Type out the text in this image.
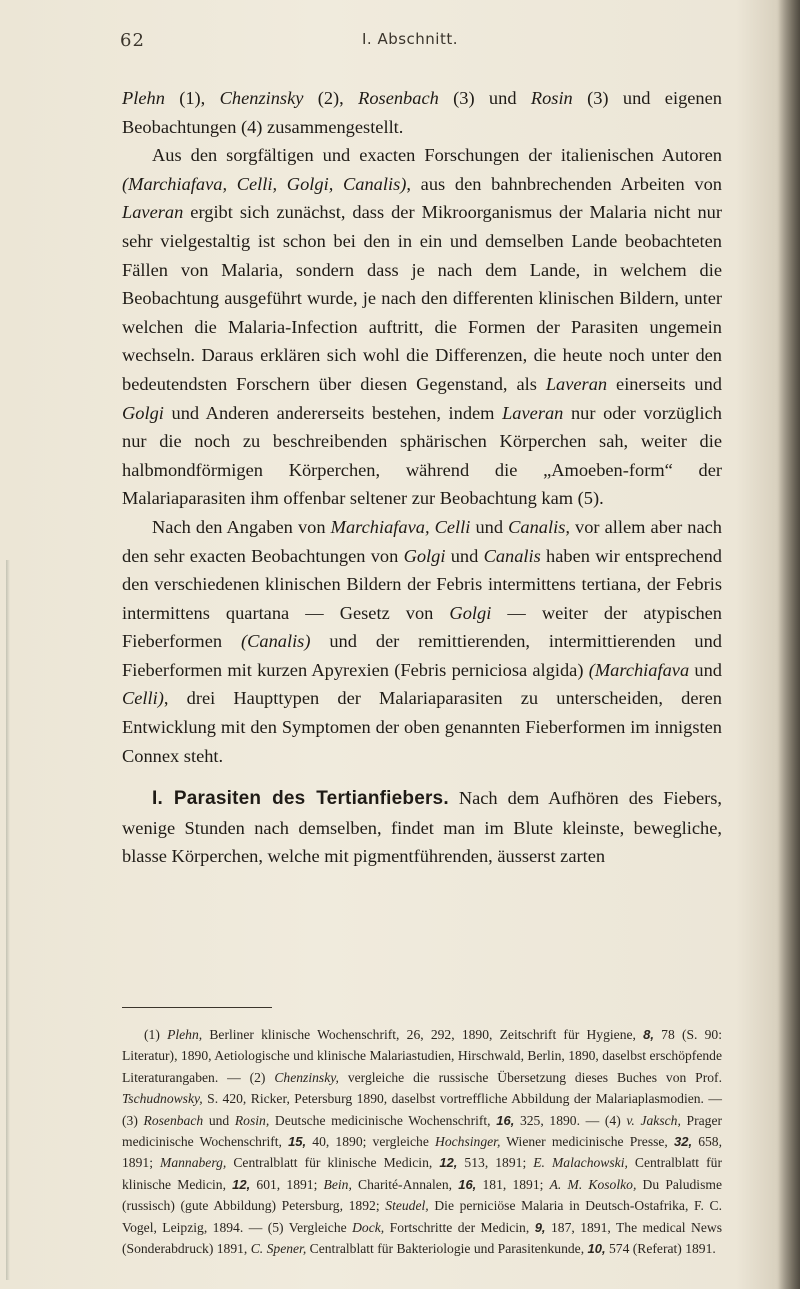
62	I. Abschnitt.

Plehn (1), Chenzinsky (2), Rosenbach (3) und Rosin (3) und eigenen Beobachtungen (4) zusammengestellt.

Aus den sorgfältigen und exacten Forschungen der italienischen Autoren (Marchiafava, Celli, Golgi, Canalis), aus den bahnbrechenden Arbeiten von Laveran ergibt sich zunächst, dass der Mikroorganismus der Malaria nicht nur sehr vielgestaltig ist schon bei den in ein und demselben Lande beobachteten Fällen von Malaria, sondern dass je nach dem Lande, in welchem die Beobachtung ausgeführt wurde, je nach den differenten klinischen Bildern, unter welchen die Malaria-Infection auftritt, die Formen der Parasiten ungemein wechseln. Daraus erklären sich wohl die Differenzen, die heute noch unter den bedeutendsten Forschern über diesen Gegenstand, als Laveran einerseits und Golgi und Anderen andererseits bestehen, indem Laveran nur oder vorzüglich nur die noch zu beschreibenden sphärischen Körperchen sah, weiter die halbmondförmigen Körperchen, während die „Amoeben-form“ der Malariaparasiten ihm offenbar seltener zur Beobachtung kam (5).

Nach den Angaben von Marchiafava, Celli und Canalis, vor allem aber nach den sehr exacten Beobachtungen von Golgi und Canalis haben wir entsprechend den verschiedenen klinischen Bildern der Febris intermittens tertiana, der Febris intermittens quartana — Gesetz von Golgi — weiter der atypischen Fieberformen (Canalis) und der remittierenden, intermittierenden und Fieberformen mit kurzen Apyrexien (Febris perniciosa algida) (Marchiafava und Celli), drei Haupttypen der Malariaparasiten zu unterscheiden, deren Entwicklung mit den Symptomen der oben genannten Fieberformen im innigsten Connex steht.

I. Parasiten des Tertianfiebers. Nach dem Aufhören des Fiebers, wenige Stunden nach demselben, findet man im Blute kleinste, bewegliche, blasse Körperchen, welche mit pigmentführenden, äusserst zarten

(1) Plehn, Berliner klinische Wochenschrift, 26, 292, 1890, Zeitschrift für Hygiene, 8, 78 (S. 90: Literatur), 1890, Aetiologische und klinische Malariastudien, Hirschwald, Berlin, 1890, daselbst erschöpfende Literaturangaben. — (2) Chenzinsky, vergleiche die russische Übersetzung dieses Buches von Prof. Tschudnowsky, S. 420, Ricker, Petersburg 1890, daselbst vortreffliche Abbildung der Malariaplasmodien. — (3) Rosenbach und Rosin, Deutsche medicinische Wochenschrift, 16, 325, 1890. — (4) v. Jaksch, Prager medicinische Wochenschrift, 15, 40, 1890; vergleiche Hochsinger, Wiener medicinische Presse, 32, 658, 1891; Mannaberg, Centralblatt für klinische Medicin, 12, 513, 1891; E. Malachowski, Centralblatt für klinische Medicin, 12, 601, 1891; Bein, Charité-Annalen, 16, 181, 1891; A. M. Kosolko, Du Paludisme (russisch) (gute Abbildung) Petersburg, 1892; Steudel, Die perniciöse Malaria in Deutsch-Ostafrika, F. C. Vogel, Leipzig, 1894. — (5) Vergleiche Dock, Fortschritte der Medicin, 9, 187, 1891, The medical News (Sonderabdruck) 1891, C. Spener, Centralblatt für Bakteriologie und Parasitenkunde, 10, 574 (Referat) 1891.
